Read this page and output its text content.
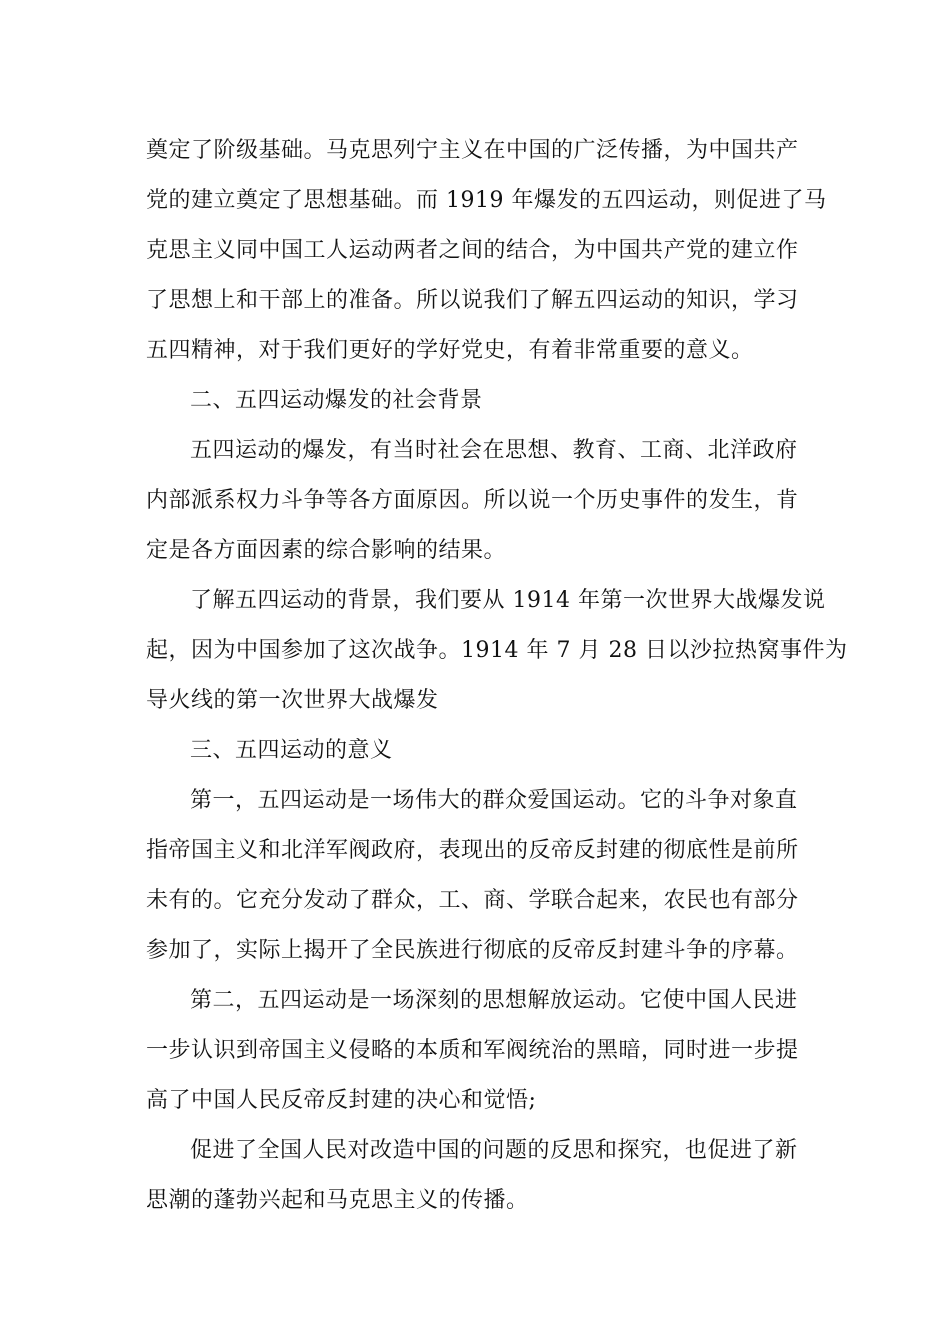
奠定了阶级基础。马克思列宁主义在中国的广泛传播，为中国共产
党的建立奠定了思想基础。而 1919 年爆发的五四运动，则促进了马
克思主义同中国工人运动两者之间的结合，为中国共产党的建立作
了思想上和干部上的准备。所以说我们了解五四运动的知识，学习
五四精神，对于我们更好的学好党史，有着非常重要的意义。

二、五四运动爆发的社会背景

五四运动的爆发，有当时社会在思想、教育、工商、北洋政府
内部派系权力斗争等各方面原因。所以说一个历史事件的发生，肯
定是各方面因素的综合影响的结果。

了解五四运动的背景，我们要从 1914 年第一次世界大战爆发说
起，因为中国参加了这次战争。1914 年 7 月 28 日以沙拉热窝事件为
导火线的第一次世界大战爆发

三、五四运动的意义

第一，五四运动是一场伟大的群众爱国运动。它的斗争对象直
指帝国主义和北洋军阀政府，表现出的反帝反封建的彻底性是前所
未有的。它充分发动了群众，工、商、学联合起来，农民也有部分
参加了，实际上揭开了全民族进行彻底的反帝反封建斗争的序幕。

第二，五四运动是一场深刻的思想解放运动。它使中国人民进
一步认识到帝国主义侵略的本质和军阀统治的黑暗，同时进一步提
高了中国人民反帝反封建的决心和觉悟;

促进了全国人民对改造中国的问题的反思和探究，也促进了新
思潮的蓬勃兴起和马克思主义的传播。
